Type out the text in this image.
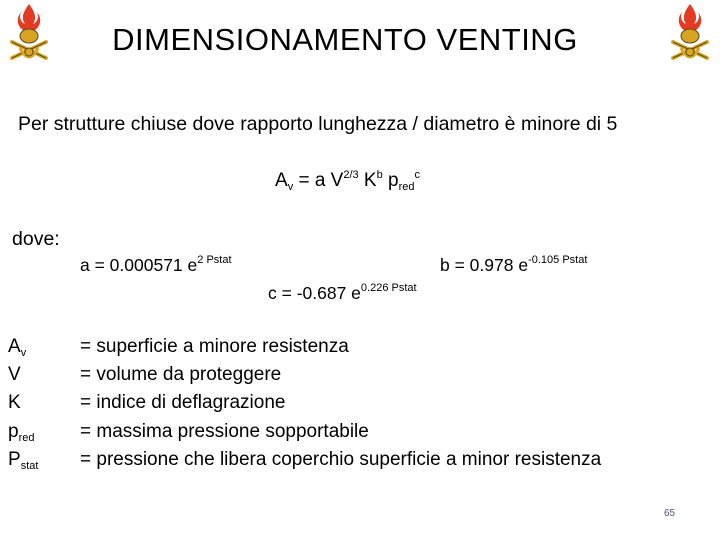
DIMENSIONAMENTO VENTING
Per strutture chiuse dove rapporto lunghezza / diametro è minore di 5
$A_v = a$ $V^{2/3}$ $K^b$ $p_{red}^c$
dove:
a = 0.000571 $e^{2 Pstat}$	b = 0.978 $e^{-0.105 Pstat}$
c = -0.687 $e^{0.226 Pstat}$
$A_v$	= superficie a minore resistenza
V	= volume da proteggere
K	= indice di deflagrazione
$p_{red}$ = massima pressione sopportabile
$P_{stat}$ = pressione che libera coperchio superficie a minor resistenza
65
